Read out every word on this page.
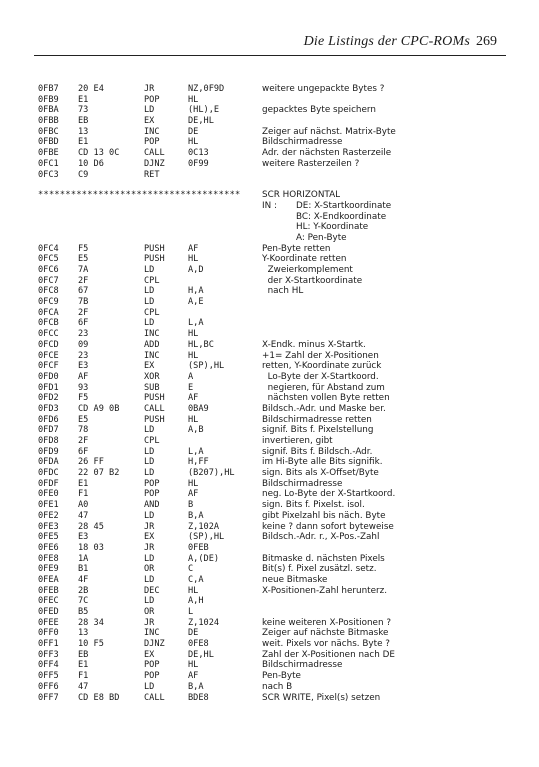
Die Listings der CPC-ROMs 269
0FB7 20 E4	JR	NZ,0F9D	weitere ungepackte Bytes ?
0FB9 E1	POP	HL
0FBA 73	LD	(HL),E	gepacktes Byte speichern
0FBB EB	EX	DE,HL
0FBC 13	INC	DE	Zeiger auf nächst. Matrix-Byte
0FBD E1	POP	HL	Bildschirmadresse
0FBE CD 13 0C	CALL	0C13	Adr. der nächsten Rasterzeile
0FC1 10 D6	DJNZ	0F99	weitere Rasterzeilen ?
0FC3 C9	RET
************************************* SCR HORIZONTAL
IN : DE: X-Startkoordinate
BC: X-Endkoordinate
HL: Y-Koordinate
A: Pen-Byte
0FC4 F5	PUSH	AF	Pen-Byte retten
0FC5 E5	PUSH	HL	Y-Koordinate retten
0FC6 7A	LD	A,D	Zweierkomplement
0FC7 2F	CPL	der X-Startkoordinate
0FC8 67	LD	H,A	nach HL
0FC9 7B	LD	A,E
0FCA 2F	CPL
0FCB 6F	LD	L,A
0FCC 23	INC	HL
0FCD 09	ADD	HL,BC	X-Endk. minus X-Startk.
0FCE 23	INC	HL	+1= Zahl der X-Positionen
0FCF E3	EX	(SP),HL	retten, Y-Koordinate zurück
0FD0 AF	XOR	A	Lo-Byte der X-Startkoord.
0FD1 93	SUB	E	negieren, für Abstand zum
0FD2 F5	PUSH	AF	nächsten vollen Byte retten
0FD3 CD A9 0B	CALL	0BA9	Bildsch.-Adr. und Maske ber.
0FD6 E5	PUSH	HL	Bildschirmadresse retten
0FD7 78	LD	A,B	signif. Bits f. Pixelstellung
0FD8 2F	CPL	invertieren, gibt
0FD9 6F	LD	L,A	signif. Bits f. Bildsch.-Adr.
0FDA 26 FF	LD	H,FF	im Hi-Byte alle Bits signifik.
0FDC 22 07 B2	LD	(B207),HL	sign. Bits als X-Offset/Byte
0FDF E1	POP	HL	Bildschirmadresse
0FE0 F1	POP	AF	neg. Lo-Byte der X-Startkoord.
0FE1 A0	AND	B	sign. Bits f. Pixelst. isol.
0FE2 47	LD	B,A	gibt Pixelzahl bis näch. Byte
0FE3 28 45	JR	Z,102A	keine ? dann sofort byteweise
0FE5 E3	EX	(SP),HL	Bildsch.-Adr. r., X-Pos.-Zahl
0FE6 18 03	JR	0FEB
0FE8 1A	LD	A,(DE)	Bitmaske d. nächsten Pixels
0FE9 B1	OR	C	Bit(s) f. Pixel zusätzl. setz.
0FEA 4F	LD	C,A	neue Bitmaske
0FEB 2B	DEC	HL	X-Positionen-Zahl herunterz.
0FEC 7C	LD	A,H
0FED B5	OR	L
0FEE 28 34	JR	Z,1024	keine weiteren X-Positionen ?
0FF0 13	INC	DE	Zeiger auf nächste Bitmaske
0FF1 10 F5	DJNZ	0FE8	weit. Pixels vor nächs. Byte ?
0FF3 EB	EX	DE,HL	Zahl der X-Positionen nach DE
0FF4 E1	POP	HL	Bildschirmadresse
0FF5 F1	POP	AF	Pen-Byte
0FF6 47	LD	B,A	nach B
0FF7 CD E8 BD	CALL	BDE8	SCR WRITE, Pixel(s) setzen
